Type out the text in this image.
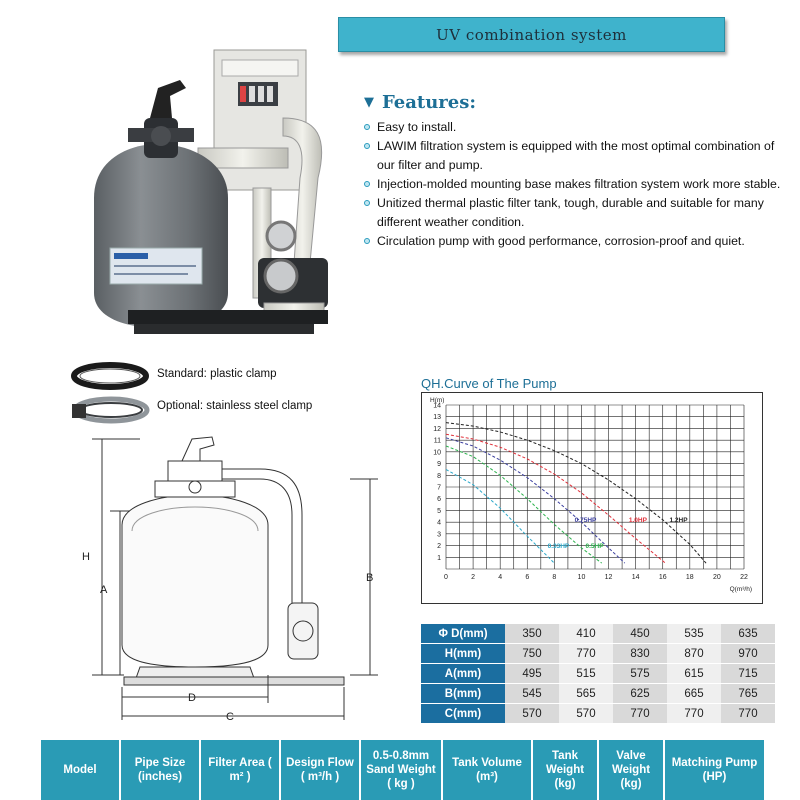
UV combination system
▼ Features:
Easy to install.
LAWIM filtration system is equipped with the most optimal combination of our filter and pump.
Injection-molded mounting base makes filtration system work more stable.
Unitized thermal plastic filter tank, tough, durable and suitable for many different weather condition.
Circulation pump with good performance, corrosion-proof and quiet.
Standard: plastic clamp
Optional: stainless steel clamp
H
A
B
D
C
QH.Curve of The Pump
0	2	4	6	8	10	12	14	16	18	20	22
1
2
3
4
5
6
7
8
9
10
11
12
13
14
H(m)
Q(m³/h)
0.75HP	1.0HP	1.2HP
0.33HP 0.5HP
Φ D(mm)	350	410	450	535	635
H(mm)	750	770	830	870	970
A(mm)	495	515	575	615	715
B(mm)	545	565	625	665	765
C(mm)	570	570	770	770	770
Model
Pipe Size (inches)
Filter Area ( m² )
Design Flow ( m³/h )
0.5-0.8mm Sand Weight ( kg )
Tank Volume (m³)
Tank Weight (kg)
Valve Weight (kg)
Matching Pump (HP)
